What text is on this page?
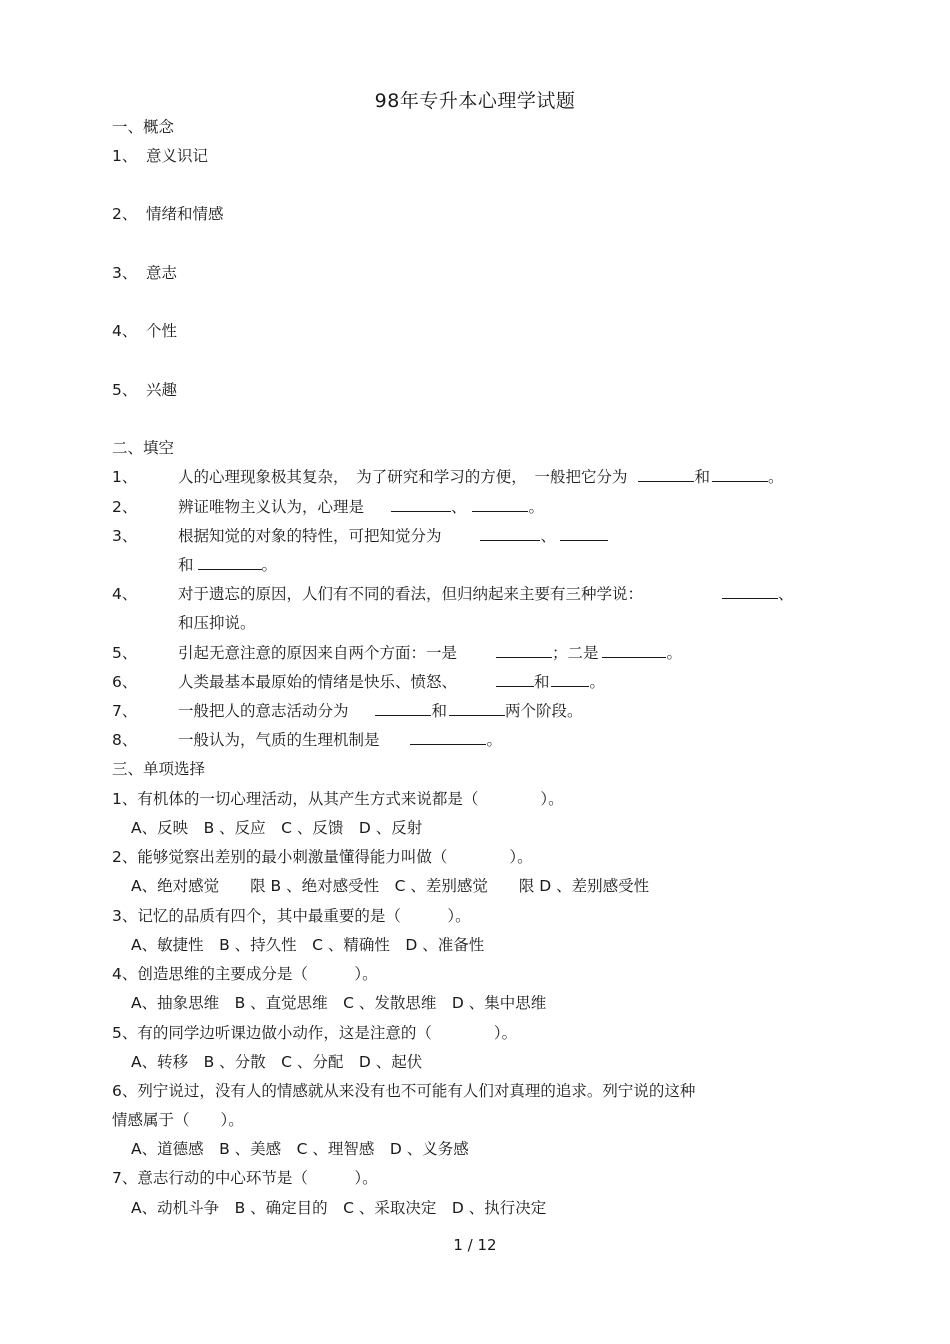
98年专升本心理学试题
一、概念
1、 意义识记
2、 情绪和情感
3、 意志
4、 个性
5、 兴趣
二、填空
1、	人的心理现象极其复杂，　为了研究和学习的方便，　一般把它分为	和	。
2、	辨证唯物主义认为，心理是	、	。
3、	根据知觉的对象的特性，可把知觉分为	、
和	。
4、	对于遗忘的原因，人们有不同的看法，但归纳起来主要有三种学说：	、
和压抑说。
5、	引起无意注意的原因来自两个方面：一是	；二是	。
6、	人类最基本最原始的情绪是快乐、愤怒、	和	。
7、	一般把人的意志活动分为	和	两个阶段。
8、	一般认为，气质的生理机制是	。
三、单项选择
1、有机体的一切心理活动，从其产生方式来说都是（　　　　）。
A、反映　B 、反应　C 、反馈　D 、反射
2、能够觉察出差别的最小刺激量懂得能力叫做（　　　　）。
A、绝对感觉　　限 B 、绝对感受性　C 、差别感觉　　限 D 、差别感受性
3、记忆的品质有四个，其中最重要的是（　　　）。
A、敏捷性　B 、持久性　C 、精确性　D 、准备性
4、创造思维的主要成分是（　　　）。
A、抽象思维　B 、直觉思维　C 、发散思维　D 、集中思维
5、有的同学边听课边做小动作，这是注意的（　　　　）。
A、转移　B 、分散　C 、分配　D 、起伏
6、列宁说过，没有人的情感就从来没有也不可能有人们对真理的追求。列宁说的这种
情感属于（　　）。
A、道德感　B 、美感　C 、理智感　D 、义务感
7、意志行动的中心环节是（　　　）。
A、动机斗争　B 、确定目的　C 、采取决定　D 、执行决定
1 / 12
